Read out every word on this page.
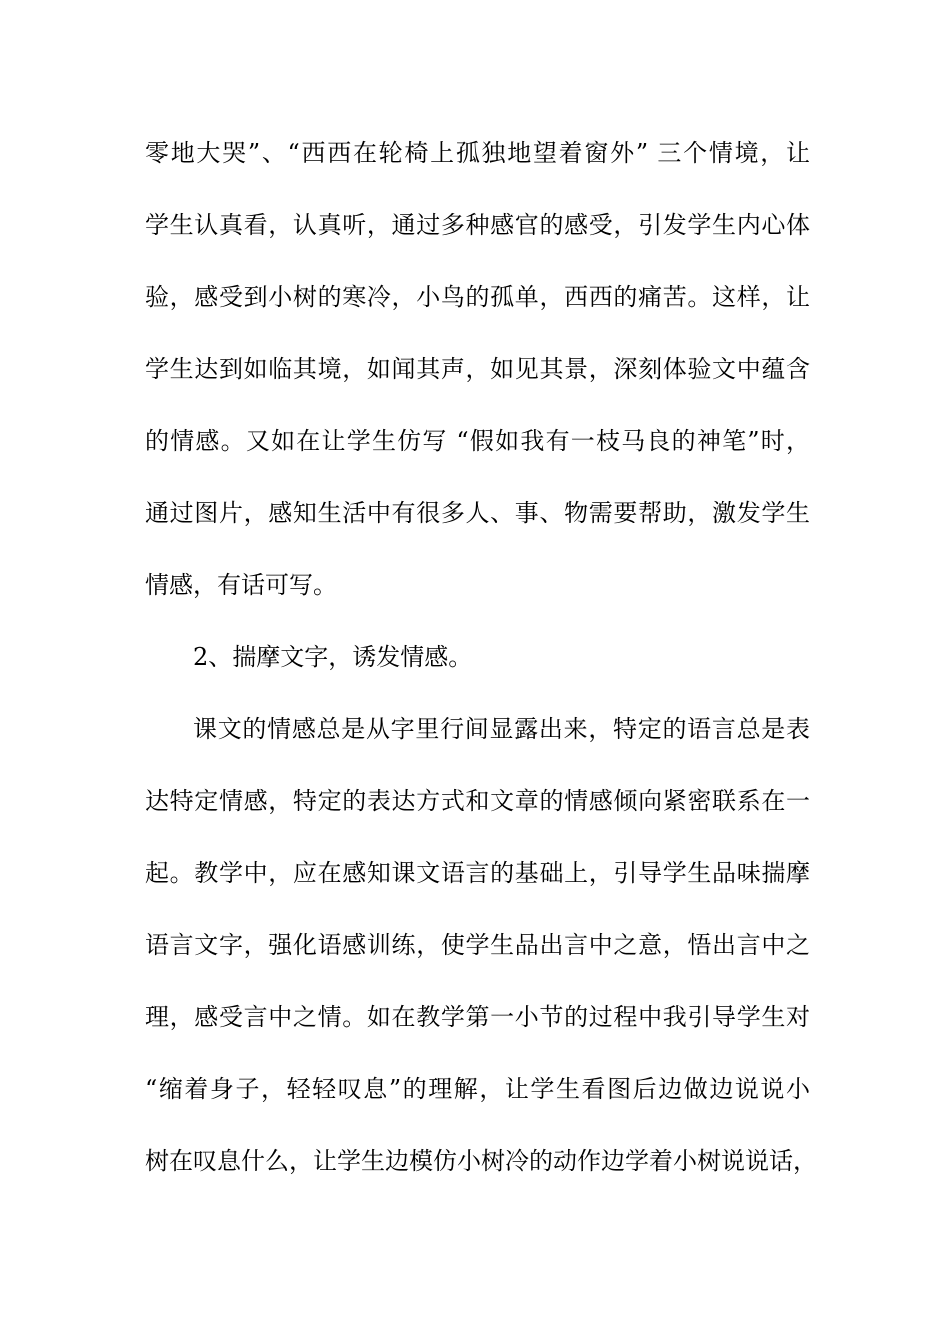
零地大哭”、“西西在轮椅上孤独地望着窗外” 三个情境，让
学生认真看，认真听，通过多种感官的感受，引发学生内心体
验，感受到小树的寒冷，小鸟的孤单，西西的痛苦。这样，让
学生达到如临其境，如闻其声，如见其景，深刻体验文中蕴含
的情感。又如在让学生仿写 “假如我有一枝马良的神笔”时，
通过图片，感知生活中有很多人、事、物需要帮助，激发学生
情感，有话可写。
2、揣摩文字，诱发情感。
课文的情感总是从字里行间显露出来，特定的语言总是表
达特定情感，特定的表达方式和文章的情感倾向紧密联系在一
起。教学中，应在感知课文语言的基础上，引导学生品味揣摩
语言文字，强化语感训练，使学生品出言中之意，悟出言中之
理，感受言中之情。如在教学第一小节的过程中我引导学生对
“缩着身子，轻轻叹息”的理解，让学生看图后边做边说说小
树在叹息什么，让学生边模仿小树冷的动作边学着小树说说话，
